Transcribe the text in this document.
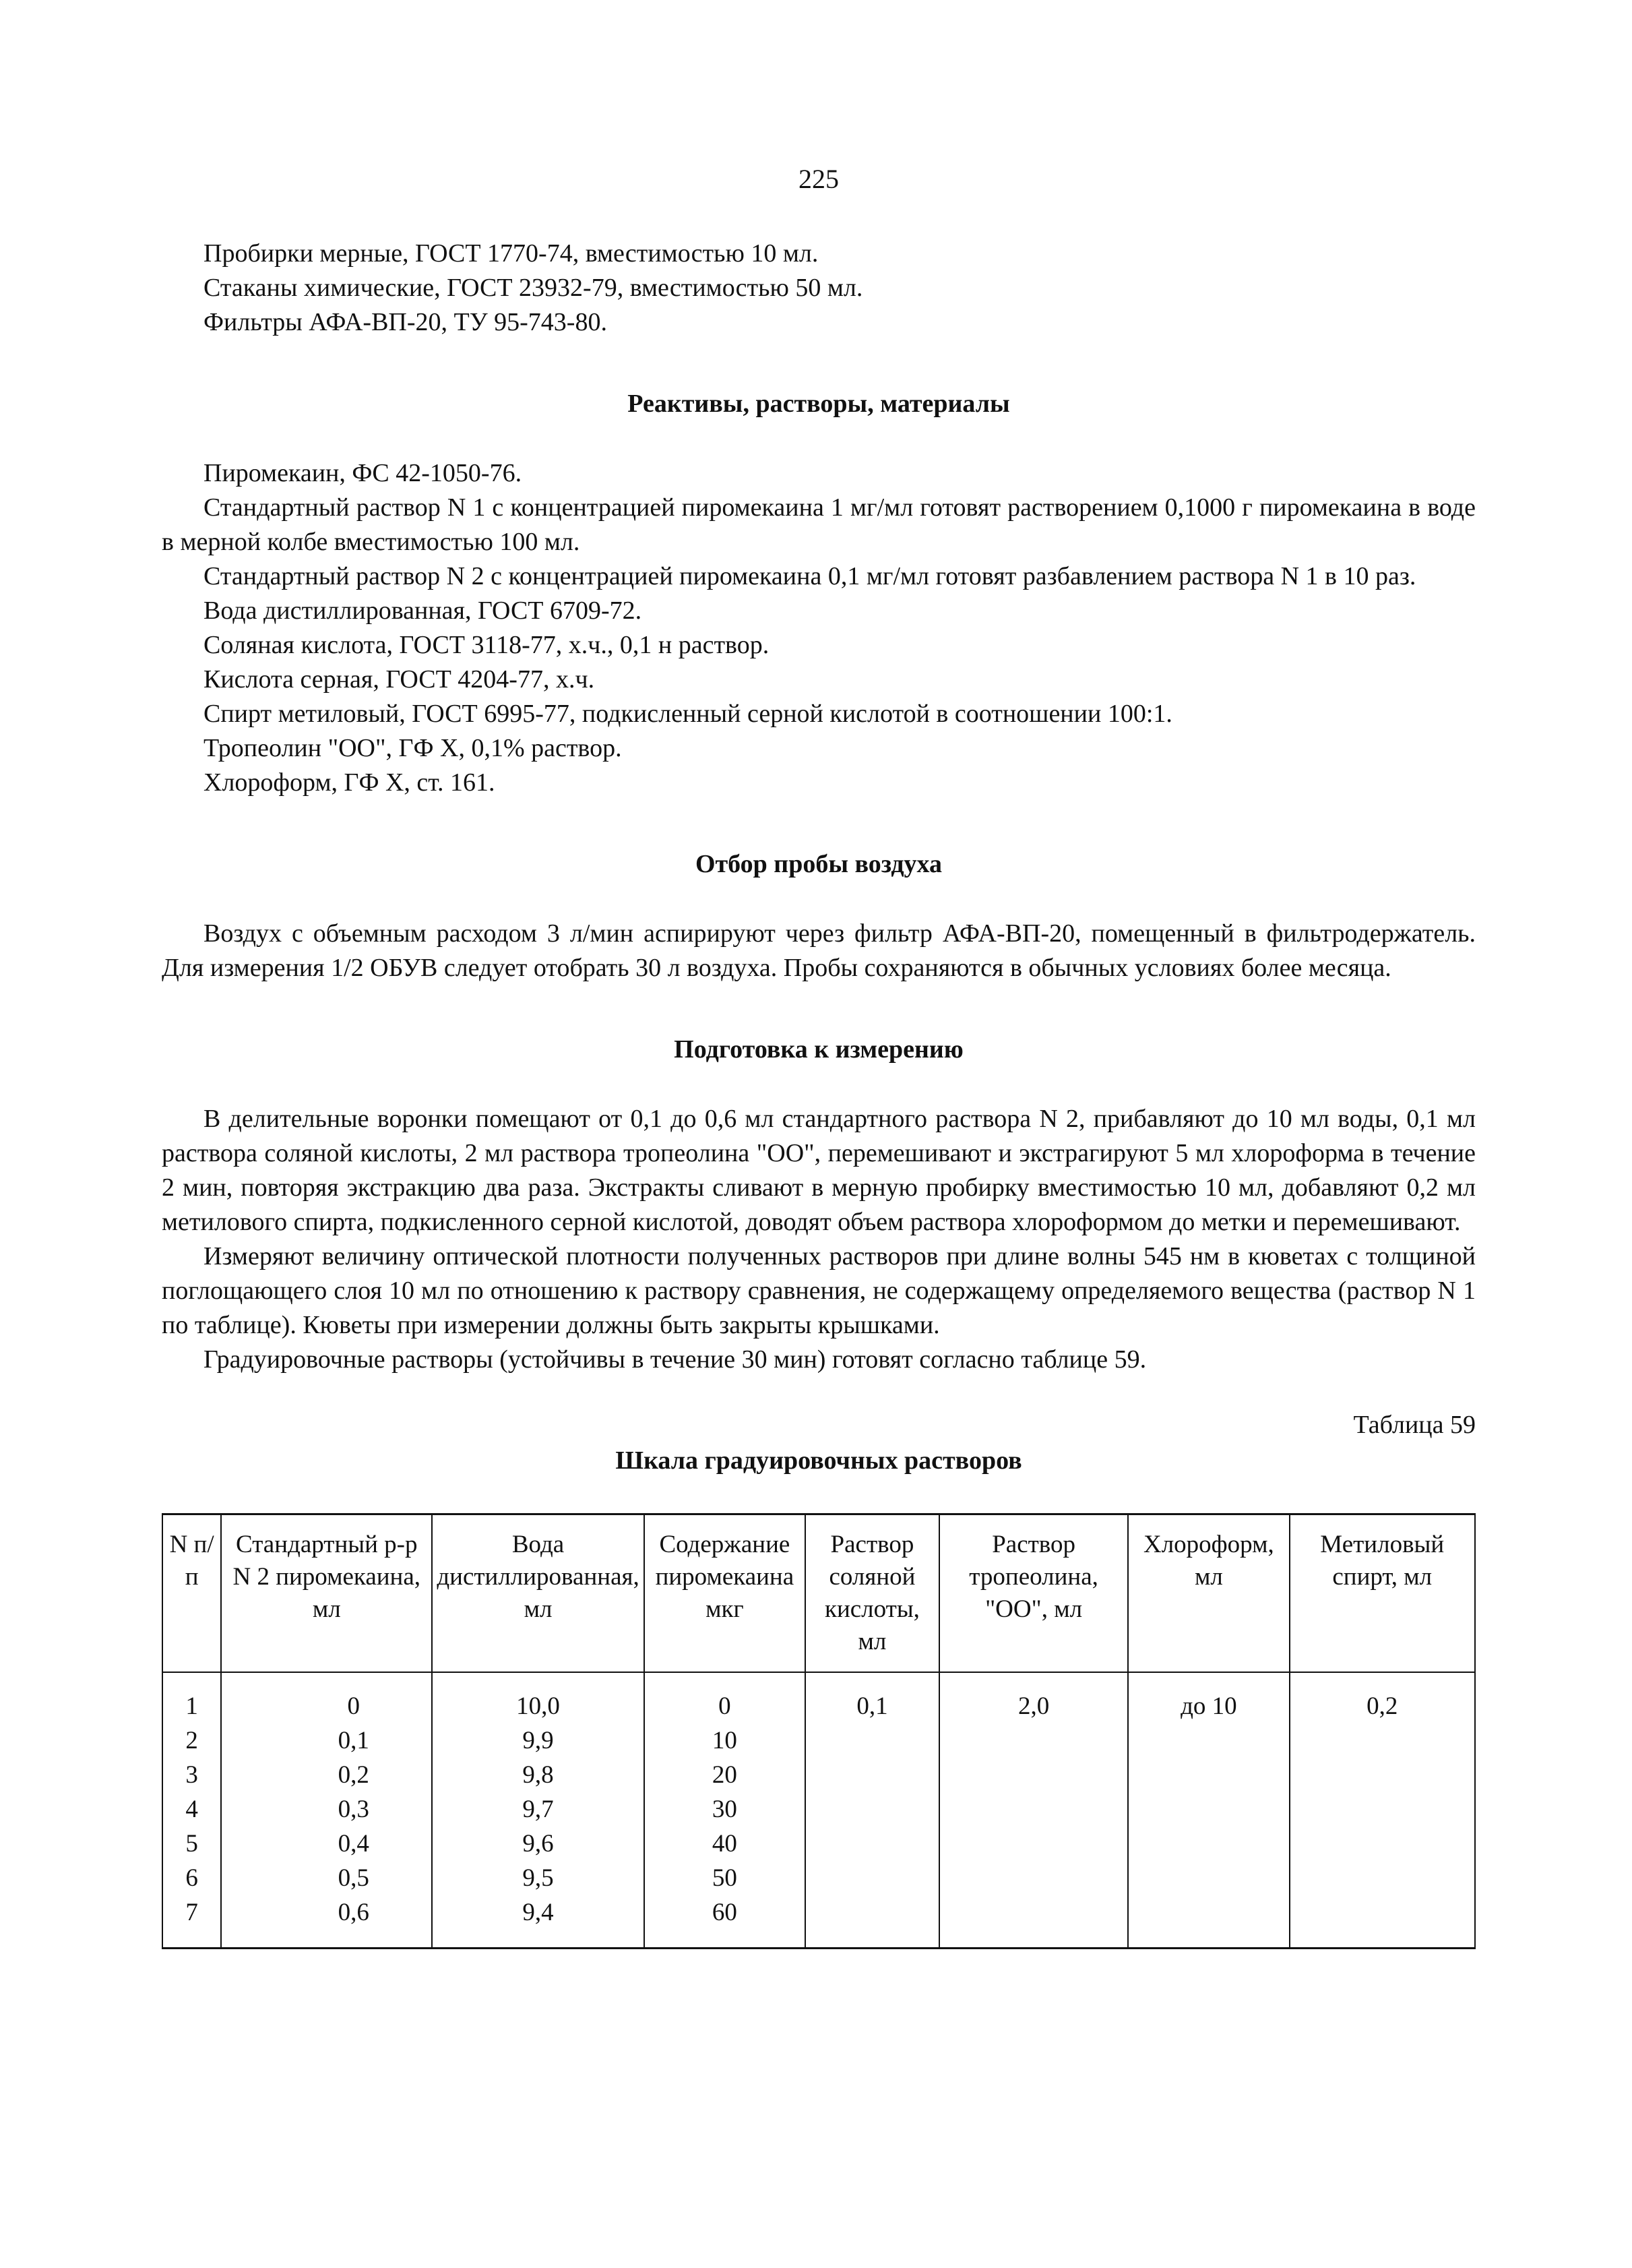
225
Пробирки мерные, ГОСТ 1770-74, вместимостью 10 мл.
Стаканы химические, ГОСТ 23932-79, вместимостью 50 мл.
Фильтры АФА-ВП-20, ТУ 95-743-80.
Реактивы, растворы, материалы
Пиромекаин, ФС 42-1050-76.
Стандартный раствор N 1 с концентрацией пиромекаина 1 мг/мл готовят растворением 0,1000 г пиромекаина в воде в мерной колбе вместимостью 100 мл.
Стандартный раствор N 2 с концентрацией пиромекаина 0,1 мг/мл готовят разбавлением раствора N 1 в 10 раз.
Вода дистиллированная, ГОСТ 6709-72.
Соляная кислота, ГОСТ 3118-77, х.ч., 0,1 н раствор.
Кислота серная, ГОСТ 4204-77, х.ч.
Спирт метиловый, ГОСТ 6995-77, подкисленный серной кислотой в соотношении 100:1.
Тропеолин "ОО", ГФ X, 0,1% раствор.
Хлороформ, ГФ X, ст. 161.
Отбор пробы воздуха
Воздух с объемным расходом 3 л/мин аспирируют через фильтр АФА-ВП-20, помещенный в фильтродержатель. Для измерения 1/2 ОБУВ следует отобрать 30 л воздуха. Пробы сохраняются в обычных условиях более месяца.
Подготовка к измерению
В делительные воронки помещают от 0,1 до 0,6 мл стандартного раствора N 2, прибавляют до 10 мл воды, 0,1 мл раствора соляной кислоты, 2 мл раствора тропеолина "ОО", перемешивают и экстрагируют 5 мл хлороформа в течение 2 мин, повторяя экстракцию два раза. Экстракты сливают в мерную пробирку вместимостью 10 мл, добавляют 0,2 мл метилового спирта, подкисленного серной кислотой, доводят объем раствора хлороформом до метки и перемешивают.
Измеряют величину оптической плотности полученных растворов при длине волны 545 нм в кюветах с толщиной поглощающего слоя 10 мл по отношению к раствору сравнения, не содержащему определяемого вещества (раствор N 1 по таблице). Кюветы при измерении должны быть закрыты крышками.
Градуировочные растворы (устойчивы в течение 30 мин) готовят согласно таблице 59.
Таблица 59
Шкала градуировочных растворов
N п/п	Стандартный р-р N 2 пиромекаина, мл	Вода дистиллированная, мл	Содержание пиромекаина мкг	Раствор соляной кислоты, мл	Раствор тропеолина, "ОО", мл	Хлороформ, мл	Метиловый спирт, мл
1	0	10,0	0	0,1	2,0	до 10	0,2
2	0,1	9,9	10				
3	0,2	9,8	20				
4	0,3	9,7	30				
5	0,4	9,6	40				
6	0,5	9,5	50				
7	0,6	9,4	60				
